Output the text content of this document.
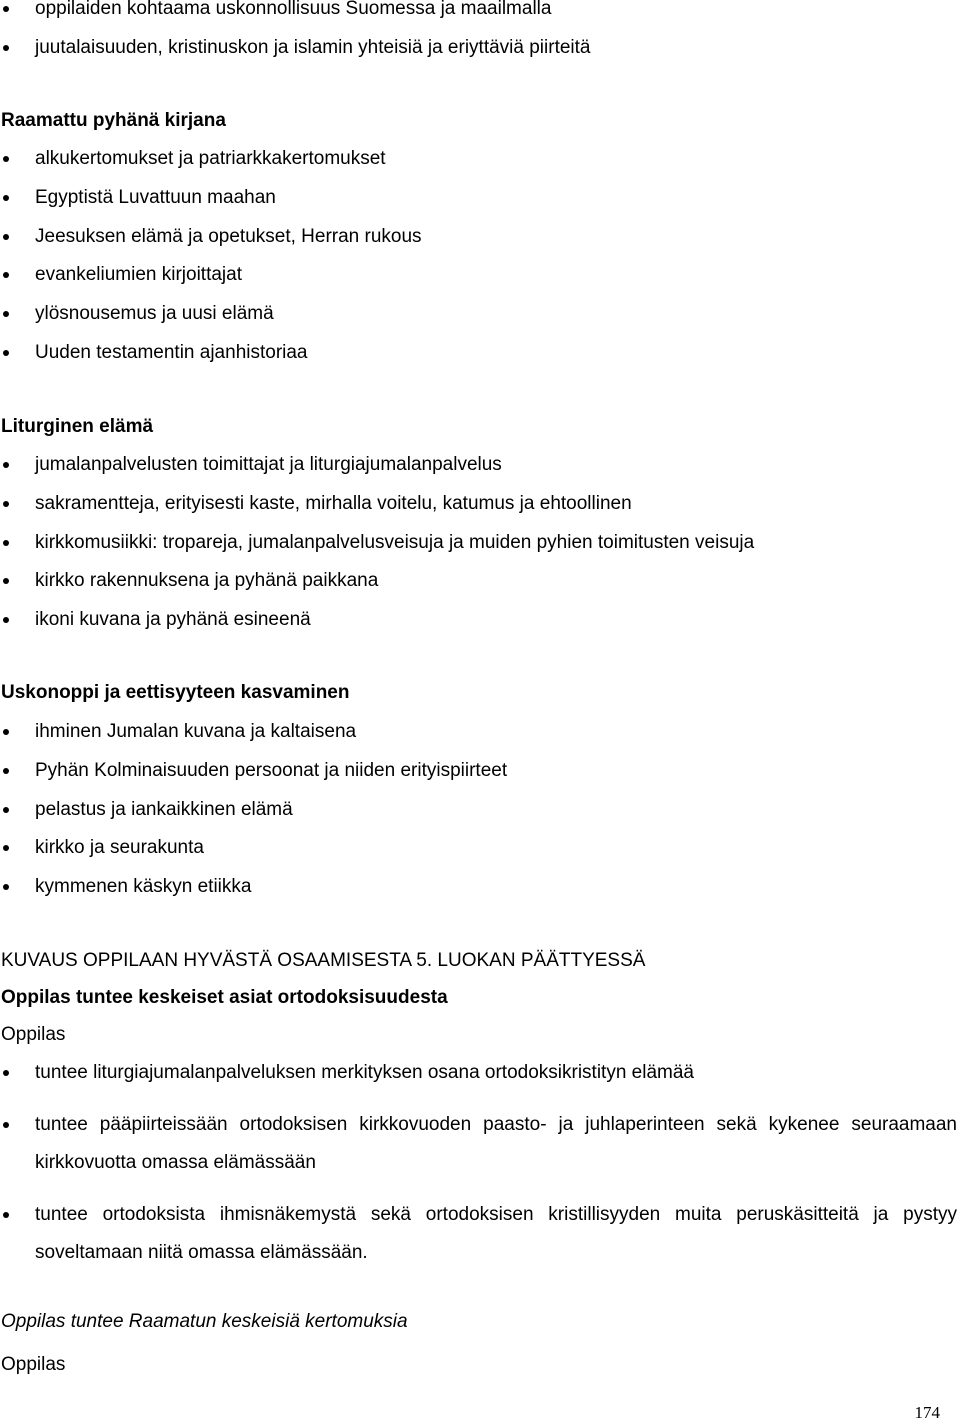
oppilaiden kohtaama uskonnollisuus Suomessa ja maailmalla
juutalaisuuden, kristinuskon ja islamin yhteisiä ja eriyttäviä piirteitä
Raamattu pyhänä kirjana
alkukertomukset ja patriarkkakertomukset
Egyptistä Luvattuun maahan
Jeesuksen elämä ja opetukset, Herran rukous
evankeliumien kirjoittajat
ylösnousemus ja uusi elämä
Uuden testamentin ajanhistoriaa
Liturginen elämä
jumalanpalvelusten toimittajat ja liturgiajumalanpalvelus
sakramentteja, erityisesti kaste, mirhalla voitelu, katumus ja ehtoollinen
kirkkomusiikki: tropareja, jumalanpalvelusveisuja ja muiden pyhien toimitusten veisuja
kirkko rakennuksena ja pyhänä paikkana
ikoni kuvana ja pyhänä esineenä
Uskonoppi ja eettisyyteen kasvaminen
ihminen Jumalan kuvana ja kaltaisena
Pyhän Kolminaisuuden persoonat ja niiden erityispiirteet
pelastus ja iankaikkinen elämä
kirkko ja seurakunta
kymmenen käskyn etiikka
KUVAUS OPPILAAN HYVÄSTÄ OSAAMISESTA 5. LUOKAN PÄÄTTYESSÄ
Oppilas tuntee keskeiset asiat ortodoksisuudesta
Oppilas
tuntee liturgiajumalanpalveluksen merkityksen osana ortodoksikristityn elämää
tuntee pääpiirteissään ortodoksisen kirkkovuoden paasto- ja juhlaperinteen sekä kykenee seuraamaan kirkkovuotta omassa elämässään
tuntee ortodoksista ihmisnäkemystä sekä ortodoksisen kristillisyyden muita peruskäsitteitä ja pystyy soveltamaan niitä omassa elämässään.
Oppilas tuntee Raamatun keskeisiä kertomuksia
Oppilas
174
